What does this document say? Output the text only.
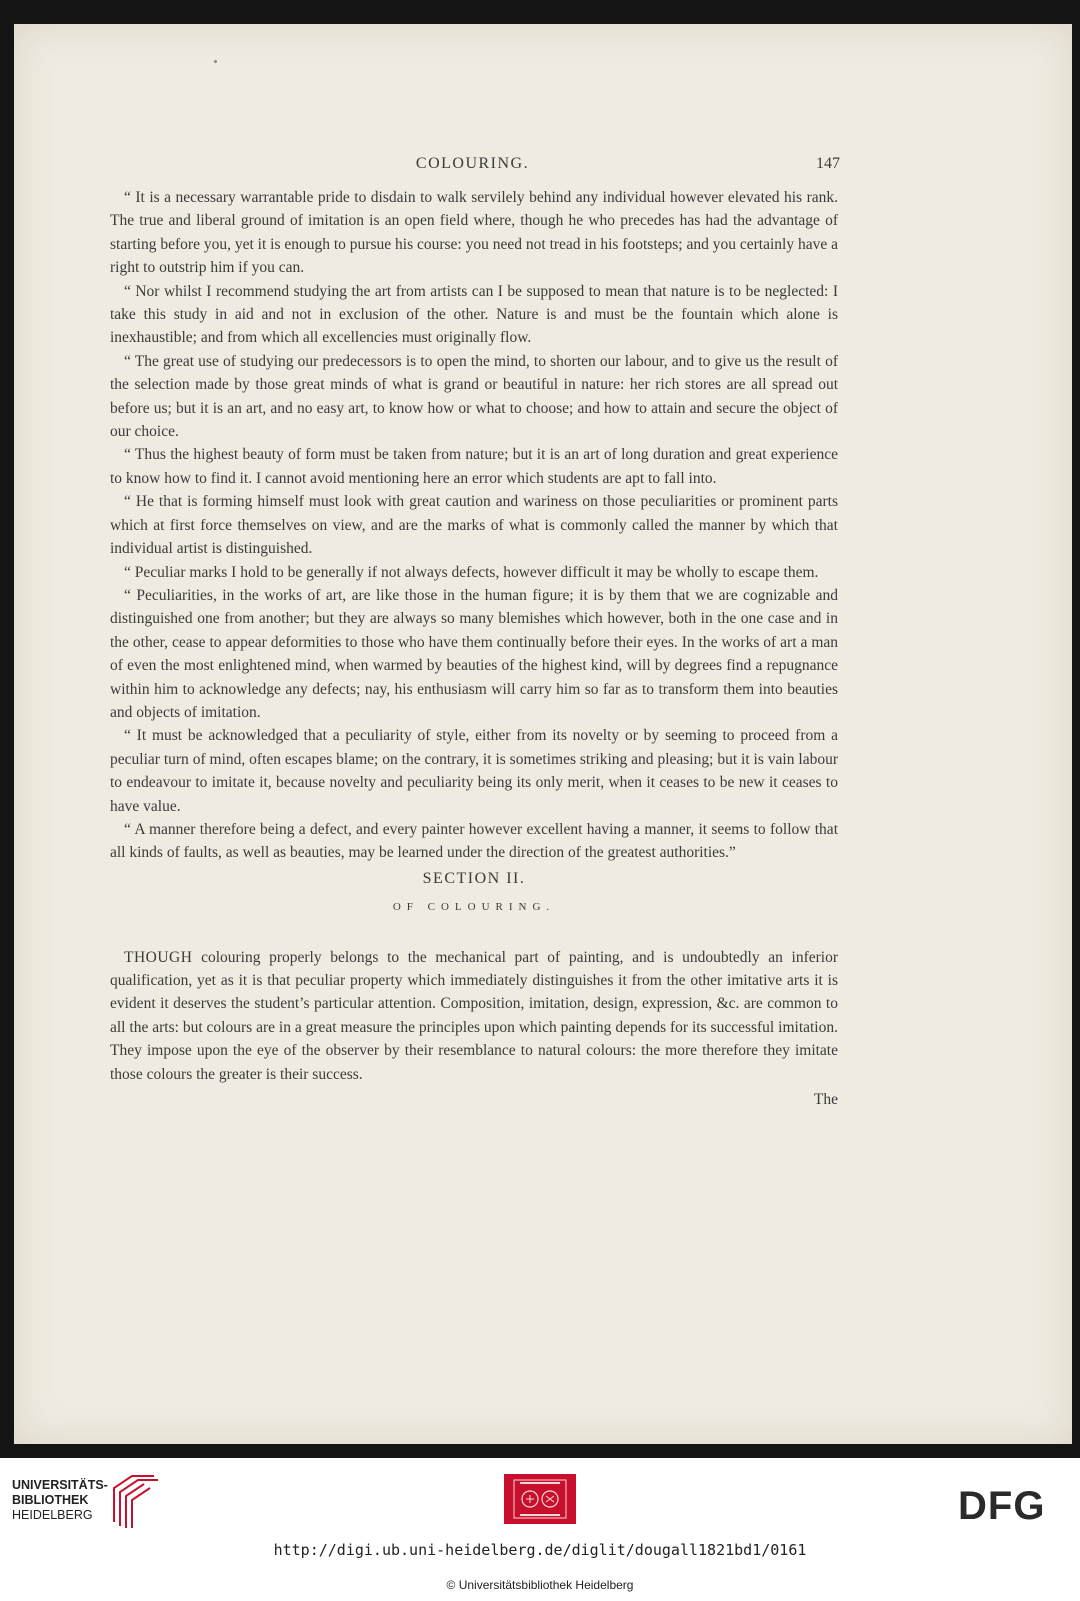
COLOURING.	147

“ It is a necessary warrantable pride to disdain to walk servilely behind any individual however elevated his rank. The true and liberal ground of imitation is an open field where, though he who precedes has had the advantage of starting before you, yet it is enough to pursue his course: you need not tread in his footsteps; and you certainly have a right to outstrip him if you can.

“ Nor whilst I recommend studying the art from artists can I be supposed to mean that nature is to be neglected: I take this study in aid and not in exclusion of the other. Nature is and must be the fountain which alone is inexhaustible; and from which all excellencies must originally flow.

“ The great use of studying our predecessors is to open the mind, to shorten our labour, and to give us the result of the selection made by those great minds of what is grand or beautiful in nature: her rich stores are all spread out before us; but it is an art, and no easy art, to know how or what to choose; and how to attain and secure the object of our choice.

“ Thus the highest beauty of form must be taken from nature; but it is an art of long duration and great experience to know how to find it. I cannot avoid mentioning here an error which students are apt to fall into.

“ He that is forming himself must look with great caution and wariness on those peculiarities or prominent parts which at first force themselves on view, and are the marks of what is commonly called the manner by which that individual artist is distinguished.

“ Peculiar marks I hold to be generally if not always defects, however difficult it may be wholly to escape them.

“ Peculiarities, in the works of art, are like those in the human figure; it is by them that we are cognizable and distinguished one from another; but they are always so many blemishes which however, both in the one case and in the other, cease to appear deformities to those who have them continually before their eyes. In the works of art a man of even the most enlightened mind, when warmed by beauties of the highest kind, will by degrees find a repugnance within him to acknowledge any defects; nay, his enthusiasm will carry him so far as to transform them into beauties and objects of imitation.

“ It must be acknowledged that a peculiarity of style, either from its novelty or by seeming to proceed from a peculiar turn of mind, often escapes blame; on the contrary, it is sometimes striking and pleasing; but it is vain labour to endeavour to imitate it, because novelty and peculiarity being its only merit, when it ceases to be new it ceases to have value.

“ A manner therefore being a defect, and every painter however excellent having a manner, it seems to follow that all kinds of faults, as well as beauties, may be learned under the direction of the greatest authorities.”

SECTION II.
OF COLOURING.

THOUGH colouring properly belongs to the mechanical part of painting, and is undoubtedly an inferior qualification, yet as it is that peculiar property which immediately distinguishes it from the other imitative arts it is evident it deserves the student’s particular attention. Composition, imitation, design, expression, &c. are common to all the arts: but colours are in a great measure the principles upon which painting depends for its successful imitation. They impose upon the eye of the observer by their resemblance to natural colours: the more therefore they imitate those colours the greater is their success.

The
UNIVERSITÄTS-
BIBLIOTHEK
HEIDELBERG	DFG
http://digi.ub.uni-heidelberg.de/diglit/dougall1821bd1/0161
© Universitätsbibliothek Heidelberg
